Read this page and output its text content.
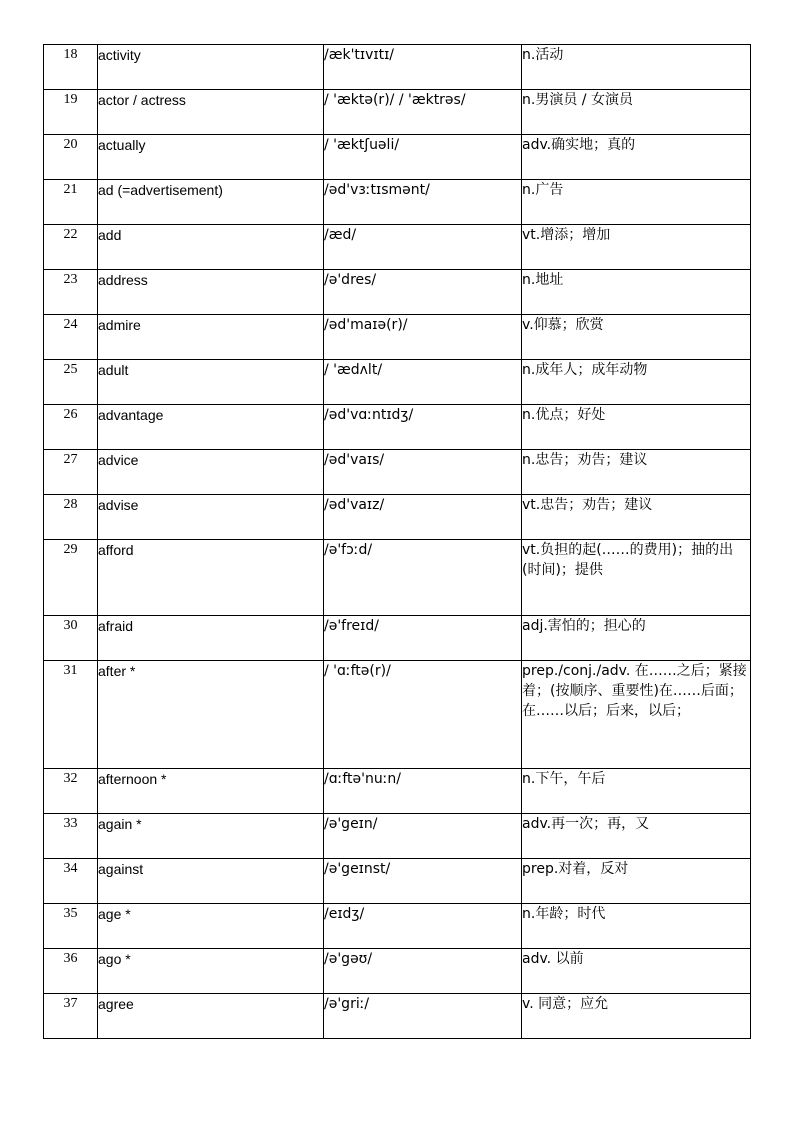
18	activity	/æk'tɪvɪtɪ/	n.活动
19	actor / actress	/ 'æktə(r)/ / 'æktrəs/	n.男演员 / 女演员
20	actually	/ 'æktʃuəli/	adv.确实地；真的
21	ad (=advertisement)	/əd'vɜːtɪsmənt/	n.广告
22	add	/æd/	vt.增添；增加
23	address	/ə'dres/	n.地址
24	admire	/əd'maɪə(r)/	v.仰慕；欣赏
25	adult	/ 'ædʌlt/	n.成年人；成年动物
26	advantage	/əd'vɑːntɪdʒ/	n.优点；好处
27	advice	/əd'vaɪs/	n.忠告；劝告；建议
28	advise	/əd'vaɪz/	vt.忠告；劝告；建议
29	afford	/ə'fɔːd/	vt.负担的起(……的费用)；抽的出(时间)；提供
30	afraid	/ə'freɪd/	adj.害怕的；担心的
31	after *	/ 'ɑːftə(r)/	prep./conj./adv. 在……之后；紧接着；(按顺序、重要性)在……后面；在……以后；后来，以后；
32	afternoon *	/ɑːftə'nuːn/	n.下午，午后
33	again *	/ə'geɪn/	adv.再一次；再，又
34	against	/ə'geɪnst/	prep.对着，反对
35	age *	/eɪdʒ/	n.年龄；时代
36	ago *	/ə'gəʊ/	adv. 以前
37	agree	/ə'griː/	v. 同意；应允
